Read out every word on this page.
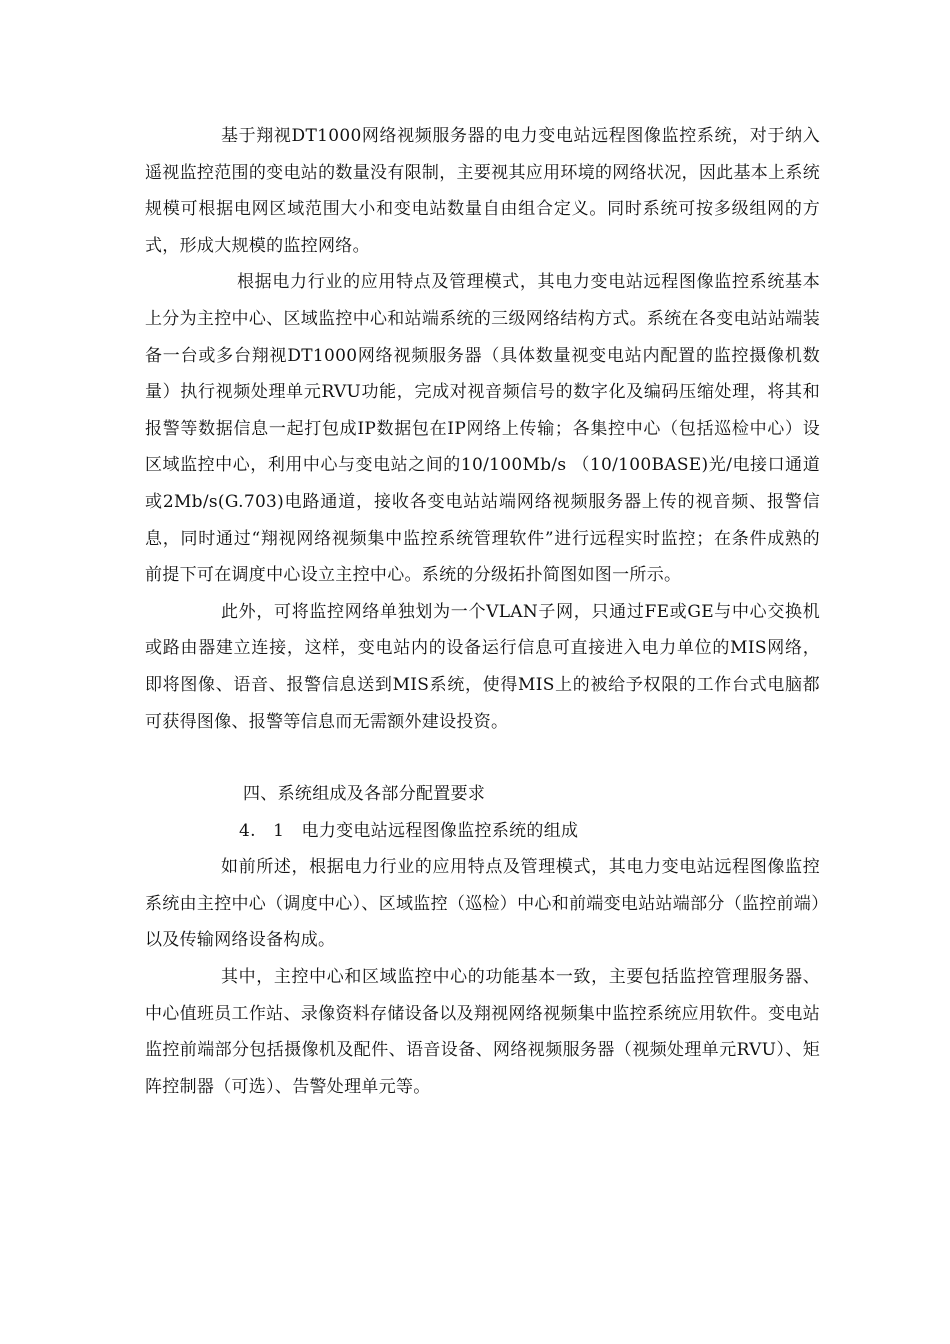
基于翔视DT1000网络视频服务器的电力变电站远程图像监控系统，对于纳入遥视监控范围的变电站的数量没有限制，主要视其应用环境的网络状况，因此基本上系统规模可根据电网区域范围大小和变电站数量自由组合定义。同时系统可按多级组网的方式，形成大规模的监控网络。

根据电力行业的应用特点及管理模式，其电力变电站远程图像监控系统基本上分为主控中心、区域监控中心和站端系统的三级网络结构方式。系统在各变电站站端装备一台或多台翔视DT1000网络视频服务器（具体数量视变电站内配置的监控摄像机数量）执行视频处理单元RVU功能，完成对视音频信号的数字化及编码压缩处理，将其和报警等数据信息一起打包成IP数据包在IP网络上传输；各集控中心（包括巡检中心）设区域监控中心，利用中心与变电站之间的10/100Mb/s （10/100BASE)光/电接口通道或2Mb/s(G.703)电路通道，接收各变电站站端网络视频服务器上传的视音频、报警信息，同时通过“翔视网络视频集中监控系统管理软件”进行远程实时监控；在条件成熟的前提下可在调度中心设立主控中心。系统的分级拓扑简图如图一所示。

此外，可将监控网络单独划为一个VLAN子网，只通过FE或GE与中心交换机或路由器建立连接，这样，变电站内的设备运行信息可直接进入电力单位的MIS网络，即将图像、语音、报警信息送到MIS系统，使得MIS上的被给予权限的工作台式电脑都可获得图像、报警等信息而无需额外建设投资。

四、系统组成及各部分配置要求

4.　1　电力变电站远程图像监控系统的组成

如前所述，根据电力行业的应用特点及管理模式，其电力变电站远程图像监控系统由主控中心（调度中心）、区域监控（巡检）中心和前端变电站站端部分（监控前端）以及传输网络设备构成。

其中，主控中心和区域监控中心的功能基本一致，主要包括监控管理服务器、中心值班员工作站、录像资料存储设备以及翔视网络视频集中监控系统应用软件。变电站监控前端部分包括摄像机及配件、语音设备、网络视频服务器（视频处理单元RVU）、矩阵控制器（可选）、告警处理单元等。
